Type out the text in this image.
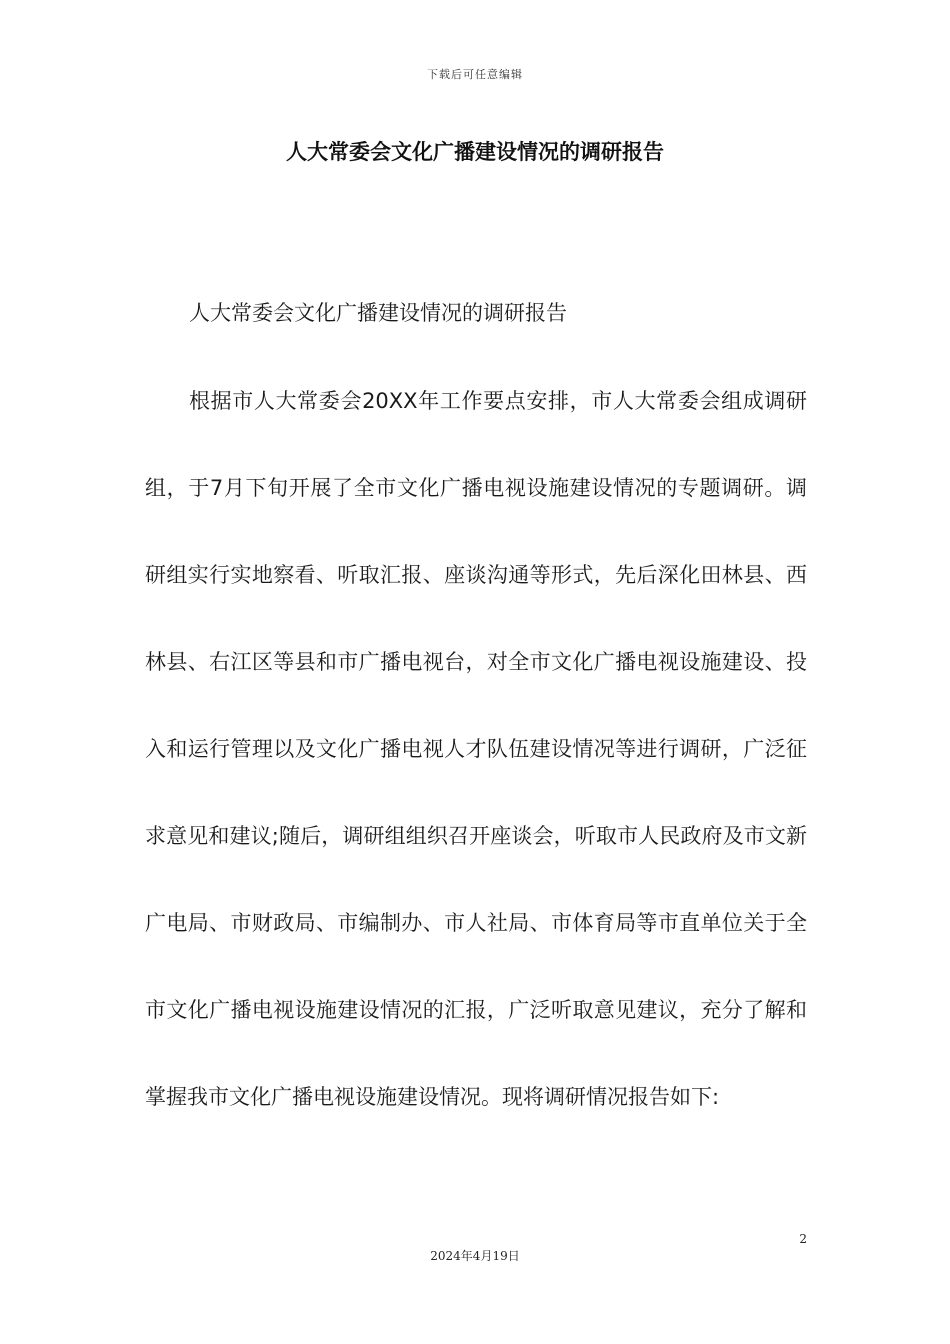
下载后可任意编辑
人大常委会文化广播建设情况的调研报告

人大常委会文化广播建设情况的调研报告

根据市人大常委会20XX年工作要点安排，市人大常委会组成调研组，于7月下旬开展了全市文化广播电视设施建设情况的专题调研。调研组实行实地察看、听取汇报、座谈沟通等形式，先后深化田林县、西林县、右江区等县和市广播电视台，对全市文化广播电视设施建设、投入和运行管理以及文化广播电视人才队伍建设情况等进行调研，广泛征求意见和建议;随后，调研组组织召开座谈会，听取市人民政府及市文新广电局、市财政局、市编制办、市人社局、市体育局等市直单位关于全市文化广播电视设施建设情况的汇报，广泛听取意见建议，充分了解和掌握我市文化广播电视设施建设情况。现将调研情况报告如下:

2
2024年4月19日
